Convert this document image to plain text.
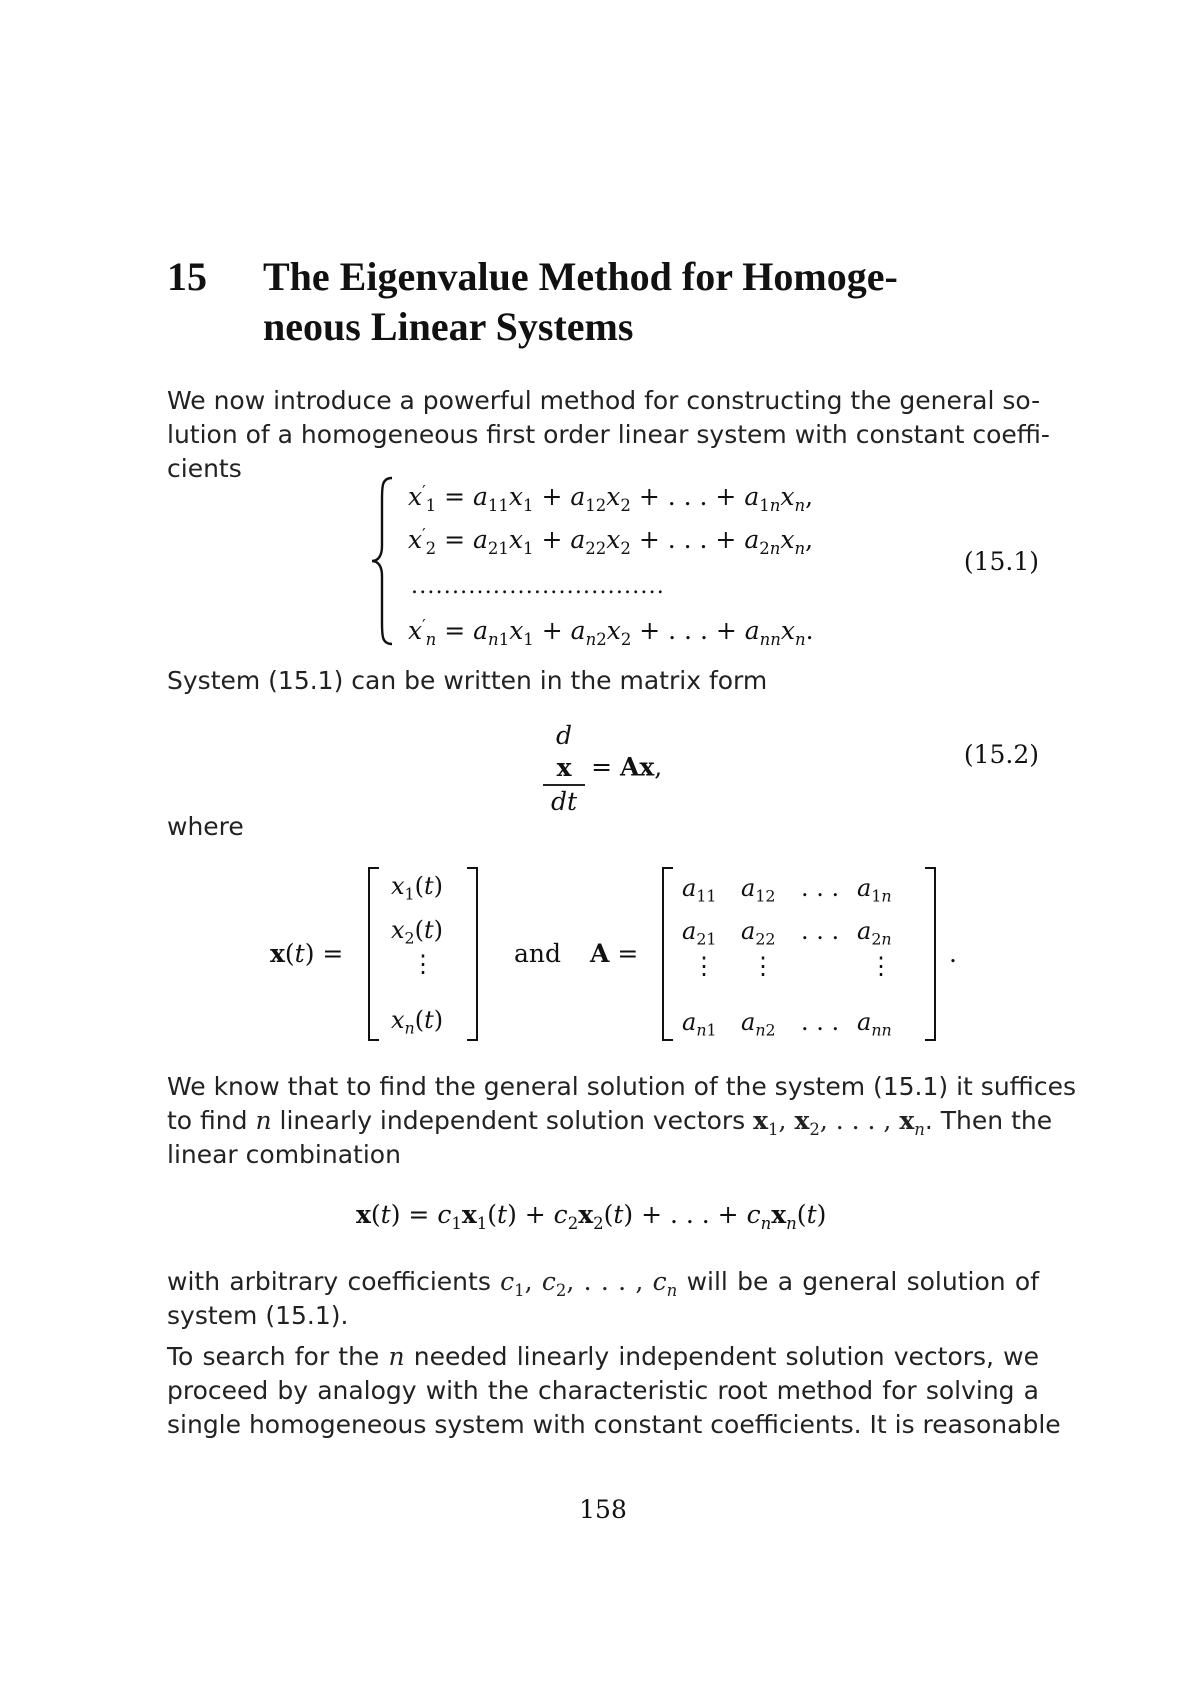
15 The Eigenvalue Method for Homoge-
neous Linear Systems
We now introduce a powerful method for constructing the general so-
lution of a homogeneous first order linear system with constant coeffi-
cients
$x'_1 = a_{11}x_1 + a_{12}x_2$ + . . . + $a_{1n}x_n$,
$x'_2 = a_{21}x_1 + a_{22}x_2$ + . . . + $a_{2n}x_n$,
...............................
$x'_n = a_{n1}x_1 + a_{n2}x_2$ + . . . + $a_{nn}x_n$.
(15.1)
System (15.1) can be written in the matrix form
d
x
dt = Ax,	(15.2)
where
x(t) =
$x_1(t)$
$x_2(t)$
⋮
$x_n(t)$
and A =
$a_{11}$ $a_{12}$ . . . $a_{1n}$
$a_{21}$ $a_{22}$ . . . $a_{2n}$
⋮ ⋮	⋮
$a_{n1}$ $a_{n2}$ . . . $a_{nn}$
.
We know that to find the general solution of the system (15.1) it suffices
to find n linearly independent solution vectors $x_1$, $x_2$, . . . , $x_n$. Then the
linear combination
$x(t) = c_1x_1(t) + c_2x_2(t)$ + . . . + $c_nx_n(t)$
with arbitrary coefficients $c_1$, $c_2$, . . . , $c_n$ will be a general solution of
system (15.1).
To search for the n needed linearly independent solution vectors, we
proceed by analogy with the characteristic root method for solving a
single homogeneous system with constant coefficients. It is reasonable
158
